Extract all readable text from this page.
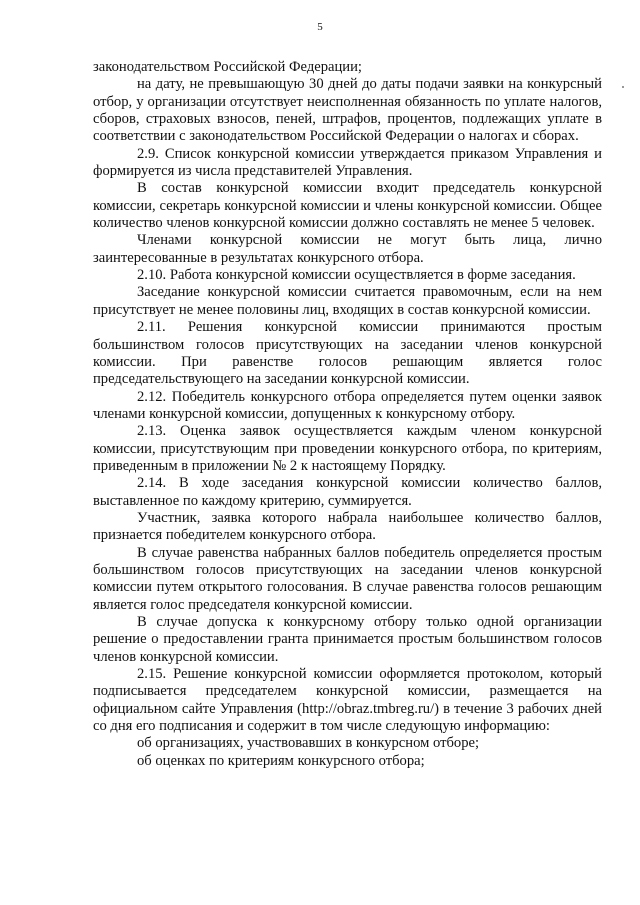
5

законодательством Российской Федерации;

на дату, не превышающую 30 дней до даты подачи заявки на конкурсный отбор, у организации отсутствует неисполненная обязанность по уплате налогов, сборов, страховых взносов, пеней, штрафов, процентов, подлежащих уплате в соответствии с законодательством Российской Федерации о налогах и сборах.

2.9. Список конкурсной комиссии утверждается приказом Управления и формируется из числа представителей Управления.

В состав конкурсной комиссии входит председатель конкурсной комиссии, секретарь конкурсной комиссии и члены конкурсной комиссии. Общее количество членов конкурсной комиссии должно составлять не менее 5 человек.

Членами конкурсной комиссии не могут быть лица, лично заинтересованные в результатах конкурсного отбора.

2.10. Работа конкурсной комиссии осуществляется в форме заседания.

Заседание конкурсной комиссии считается правомочным, если на нем присутствует не менее половины лиц, входящих в состав конкурсной комиссии.

2.11. Решения конкурсной комиссии принимаются простым большинством голосов присутствующих на заседании членов конкурсной комиссии. При равенстве голосов решающим является голос председательствующего на заседании конкурсной комиссии.

2.12. Победитель конкурсного отбора определяется путем оценки заявок членами конкурсной комиссии, допущенных к конкурсному отбору.

2.13. Оценка заявок осуществляется каждым членом конкурсной комиссии, присутствующим при проведении конкурсного отбора, по критериям, приведенным в приложении № 2 к настоящему Порядку.

2.14. В ходе заседания конкурсной комиссии количество баллов, выставленное по каждому критерию, суммируется.

Участник, заявка которого набрала наибольшее количество баллов, признается победителем конкурсного отбора.

В случае равенства набранных баллов победитель определяется простым большинством голосов присутствующих на заседании членов конкурсной комиссии путем открытого голосования. В случае равенства голосов решающим является голос председателя конкурсной комиссии.

В случае допуска к конкурсному отбору только одной организации решение о предоставлении гранта принимается простым большинством голосов членов конкурсной комиссии.

2.15. Решение конкурсной комиссии оформляется протоколом, который подписывается председателем конкурсной комиссии, размещается на официальном сайте Управления (http://obraz.tmbreg.ru/) в течение 3 рабочих дней со дня его подписания и содержит в том числе следующую информацию:

об организациях, участвовавших в конкурсном отборе;

об оценках по критериям конкурсного отбора;
